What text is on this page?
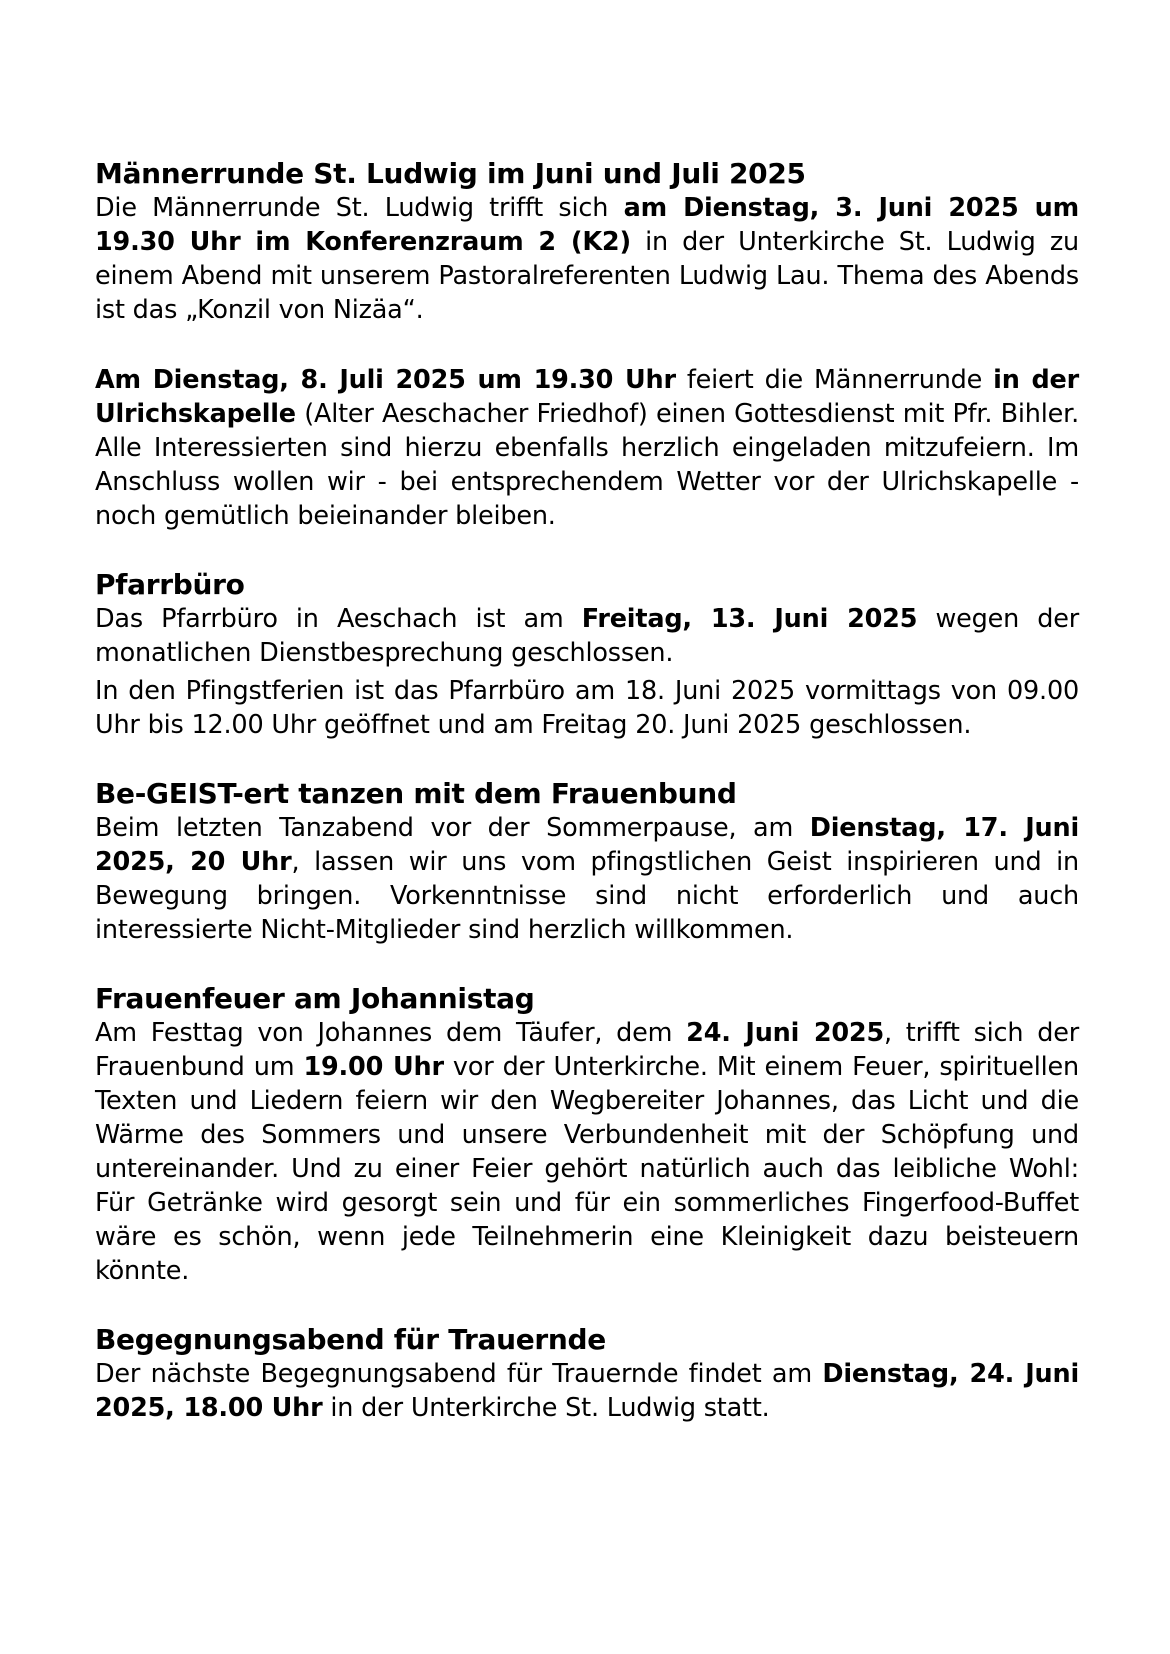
Männerrunde St. Ludwig im Juni und Juli 2025

Die Männerrunde St. Ludwig trifft sich am Dienstag, 3. Juni 2025 um 19.30 Uhr im Konferenzraum 2 (K2) in der Unterkirche St. Ludwig zu einem Abend mit unserem Pastoralreferenten Ludwig Lau. Thema des Abends ist das „Konzil von Nizäa“.

Am Dienstag, 8. Juli 2025 um 19.30 Uhr feiert die Männerrunde in der Ulrichskapelle (Alter Aeschacher Friedhof) einen Gottesdienst mit Pfr. Bihler. Alle Interessierten sind hierzu ebenfalls herzlich eingeladen mitzufeiern. Im Anschluss wollen wir - bei entsprechendem Wetter vor der Ulrichskapelle - noch gemütlich beieinander bleiben.

Pfarrbüro

Das Pfarrbüro in Aeschach ist am Freitag, 13. Juni 2025 wegen der monatlichen Dienstbesprechung geschlossen.

In den Pfingstferien ist das Pfarrbüro am 18. Juni 2025 vormittags von 09.00 Uhr bis 12.00 Uhr geöffnet und am Freitag 20. Juni 2025 geschlossen.

Be-GEIST-ert tanzen mit dem Frauenbund

Beim letzten Tanzabend vor der Sommerpause, am Dienstag, 17. Juni 2025, 20 Uhr, lassen wir uns vom pfingstlichen Geist inspirieren und in Bewegung bringen. Vorkenntnisse sind nicht erforderlich und auch interessierte Nicht-Mitglieder sind herzlich willkommen.

Frauenfeuer am Johannistag

Am Festtag von Johannes dem Täufer, dem 24. Juni 2025, trifft sich der Frauenbund um 19.00 Uhr vor der Unterkirche. Mit einem Feuer, spirituellen Texten und Liedern feiern wir den Wegbereiter Johannes, das Licht und die Wärme des Sommers und unsere Verbundenheit mit der Schöpfung und untereinander. Und zu einer Feier gehört natürlich auch das leibliche Wohl: Für Getränke wird gesorgt sein und für ein sommerliches Fingerfood-Buffet wäre es schön, wenn jede Teilnehmerin eine Kleinigkeit dazu beisteuern könnte.

Begegnungsabend für Trauernde

Der nächste Begegnungsabend für Trauernde findet am Dienstag, 24. Juni 2025, 18.00 Uhr in der Unterkirche St. Ludwig statt.
